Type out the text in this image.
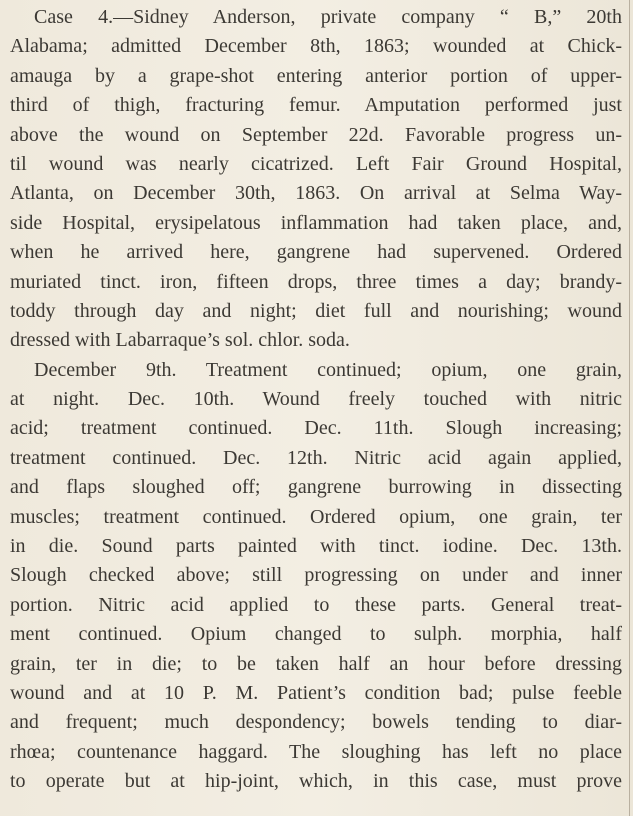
Case 4.—Sidney Anderson, private company “ B,” 20th
Alabama; admitted December 8th, 1863; wounded at Chick-
amauga by a grape-shot entering anterior portion of upper-
third of thigh, fracturing femur. Amputation performed just
above the wound on September 22d. Favorable progress un-
til wound was nearly cicatrized. Left Fair Ground Hospital,
Atlanta, on December 30th, 1863. On arrival at Selma Way-
side Hospital, erysipelatous inflammation had taken place, and,
when he arrived here, gangrene had supervened. Ordered
muriated tinct. iron, fifteen drops, three times a day; brandy-
toddy through day and night; diet full and nourishing; wound
dressed with Labarraque’s sol. chlor. soda.
December 9th. Treatment continued; opium, one grain,
at night. Dec. 10th. Wound freely touched with nitric
acid; treatment continued. Dec. 11th. Slough increasing;
treatment continued. Dec. 12th. Nitric acid again applied,
and flaps sloughed off; gangrene burrowing in dissecting
muscles; treatment continued. Ordered opium, one grain, ter
in die. Sound parts painted with tinct. iodine. Dec. 13th.
Slough checked above; still progressing on under and inner
portion. Nitric acid applied to these parts. General treat-
ment continued. Opium changed to sulph. morphia, half
grain, ter in die; to be taken half an hour before dressing
wound and at 10 P. M. Patient’s condition bad; pulse feeble
and frequent; much despondency; bowels tending to diar-
rhœa; countenance haggard. The sloughing has left no place
to operate but at hip-joint, which, in this case, must prove
